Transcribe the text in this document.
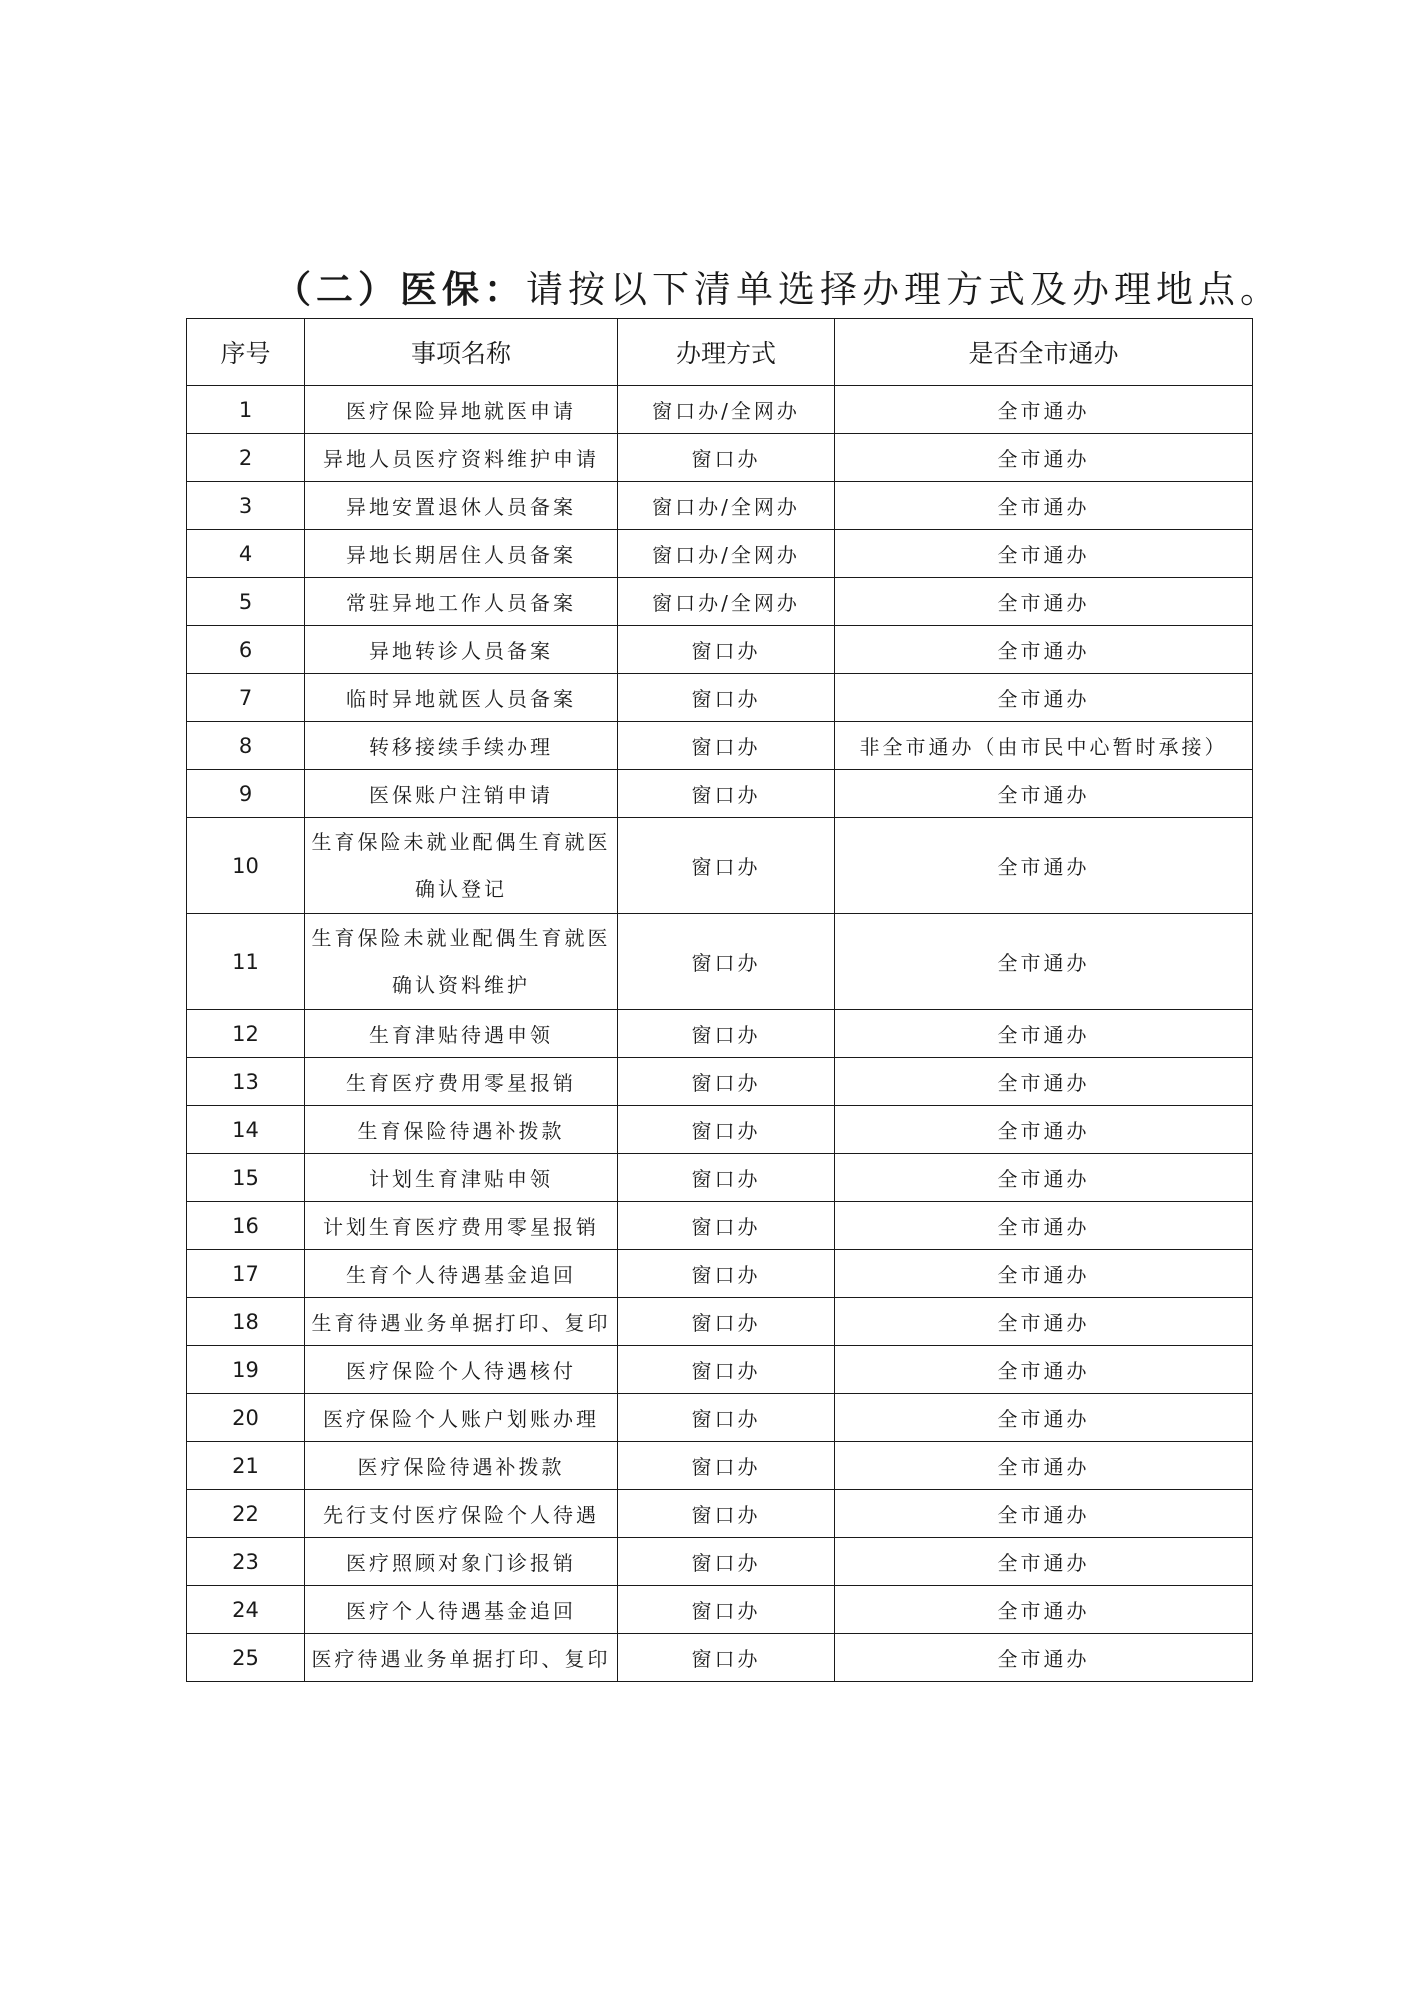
（二）医保：请按以下清单选择办理方式及办理地点。
序号	事项名称	办理方式	是否全市通办
1	医疗保险异地就医申请	窗口办/全网办	全市通办
2	异地人员医疗资料维护申请	窗口办	全市通办
3	异地安置退休人员备案	窗口办/全网办	全市通办
4	异地长期居住人员备案	窗口办/全网办	全市通办
5	常驻异地工作人员备案	窗口办/全网办	全市通办
6	异地转诊人员备案	窗口办	全市通办
7	临时异地就医人员备案	窗口办	全市通办
8	转移接续手续办理	窗口办	非全市通办（由市民中心暂时承接）
9	医保账户注销申请	窗口办	全市通办
10	生育保险未就业配偶生育就医确认登记	窗口办	全市通办
11	生育保险未就业配偶生育就医确认资料维护	窗口办	全市通办
12	生育津贴待遇申领	窗口办	全市通办
13	生育医疗费用零星报销	窗口办	全市通办
14	生育保险待遇补拨款	窗口办	全市通办
15	计划生育津贴申领	窗口办	全市通办
16	计划生育医疗费用零星报销	窗口办	全市通办
17	生育个人待遇基金追回	窗口办	全市通办
18	生育待遇业务单据打印、复印	窗口办	全市通办
19	医疗保险个人待遇核付	窗口办	全市通办
20	医疗保险个人账户划账办理	窗口办	全市通办
21	医疗保险待遇补拨款	窗口办	全市通办
22	先行支付医疗保险个人待遇	窗口办	全市通办
23	医疗照顾对象门诊报销	窗口办	全市通办
24	医疗个人待遇基金追回	窗口办	全市通办
25	医疗待遇业务单据打印、复印	窗口办	全市通办
